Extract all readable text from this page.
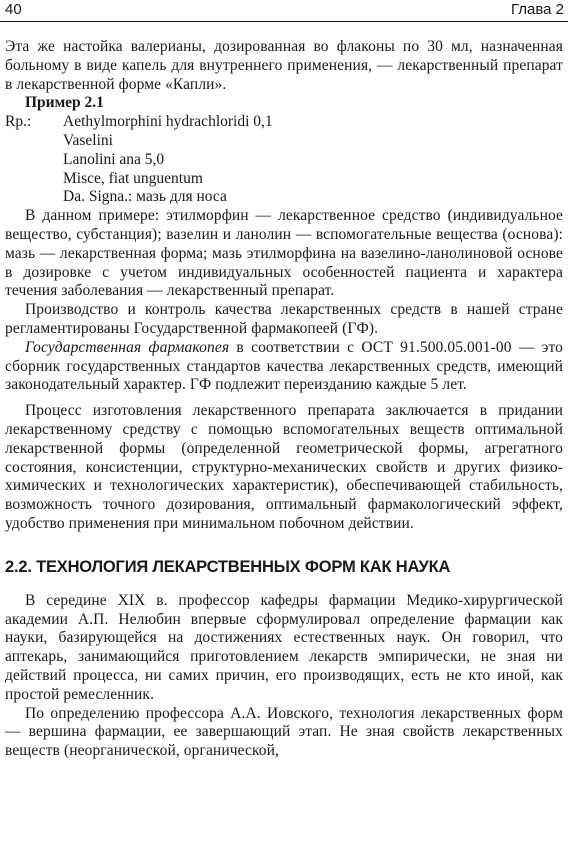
40	Глава 2

Эта же настойка валерианы, дозированная во флаконы по 30 мл, назначенная больному в виде капель для внутреннего применения, — лекарственный препарат в лекарственной форме «Капли».

Пример 2.1

Rp.: Aethylmorphini hydrachloridi 0,1

Vaselini

Lanolini ana 5,0

Misce, fiat unguentum

Da. Signa.: мазь для носа

В данном примере: этилморфин — лекарственное средство (индивидуальное вещество, субстанция); вазелин и ланолин — вспомогательные вещества (основа): мазь — лекарственная форма; мазь этилморфина на вазелино-ланолиновой основе в дозировке с учетом индивидуальных особенностей пациента и характера течения заболевания — лекарственный препарат.

Производство и контроль качества лекарственных средств в нашей стране регламентированы Государственной фармакопеей (ГФ).

Государственная фармакопея в соответствии с ОСТ 91.500.05.001-00 — это сборник государственных стандартов качества лекарственных средств, имеющий законодательный характер. ГФ подлежит переизданию каждые 5 лет.

Процесс изготовления лекарственного препарата заключается в придании лекарственному средству с помощью вспомогательных веществ оптимальной лекарственной формы (определенной геометрической формы, агрегатного состояния, консистенции, структурно-механических свойств и других физико-химических и технологических характеристик), обеспечивающей стабильность, возможность точного дозирования, оптимальный фармакологический эффект, удобство применения при минимальном побочном действии.

2.2. ТЕХНОЛОГИЯ ЛЕКАРСТВЕННЫХ ФОРМ КАК НАУКА

В середине XIX в. профессор кафедры фармации Медико-хирургической академии А.П. Нелюбин впервые сформулировал определение фармации как науки, базирующейся на достижениях естественных наук. Он говорил, что аптекарь, занимающийся приготовлением лекарств эмпирически, не зная ни действий процесса, ни самих причин, его производящих, есть не кто иной, как простой ремесленник.

По определению профессора А.А. Иовского, технология лекарственных форм — вершина фармации, ее завершающий этап. Не зная свойств лекарственных веществ (неорганической, органической,
